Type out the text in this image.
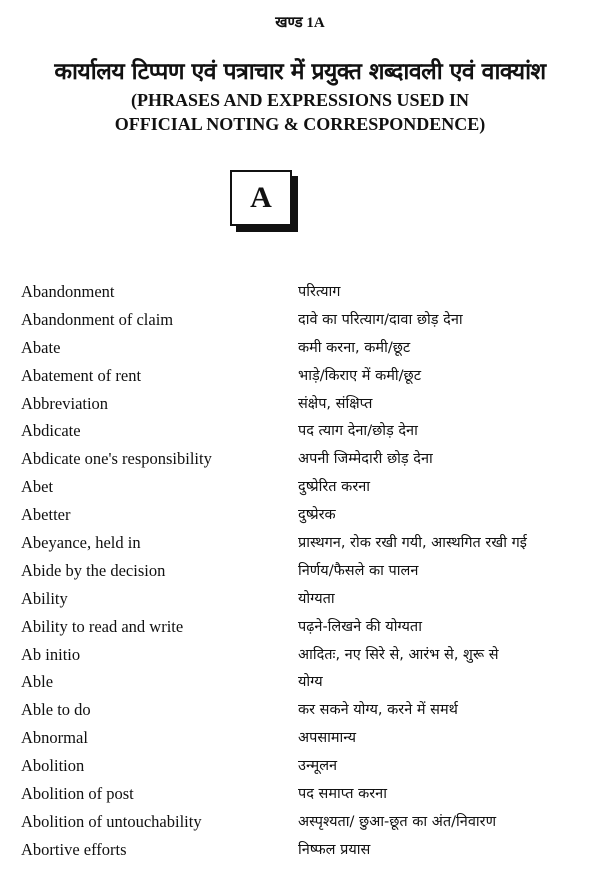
खण्ड 1A
कार्यालय टिप्पण एवं पत्राचार में प्रयुक्त शब्दावली एवं वाक्यांश
(PHRASES AND EXPRESSIONS USED IN
OFFICIAL NOTING & CORRESPONDENCE)
A
Abandonment	परित्याग
Abandonment of claim	दावे का परित्याग/दावा छोड़ देना
Abate	कमी करना, कमी/छूट
Abatement of rent	भाड़े/किराए में कमी/छूट
Abbreviation	संक्षेप, संक्षिप्त
Abdicate	पद त्याग देना/छोड़ देना
Abdicate one's responsibility	अपनी जिम्मेदारी छोड़ देना
Abet	दुष्प्रेरित करना
Abetter	दुष्प्रेरक
Abeyance, held in	प्रास्थगन, रोक रखी गयी, आस्थगित रखी गई
Abide by the decision	निर्णय/फैसले का पालन
Ability	योग्यता
Ability to read and write	पढ़ने-लिखने की योग्यता
Ab initio	आदितः, नए सिरे से, आरंभ से, शुरू से
Able	योग्य
Able to do	कर सकने योग्य, करने में समर्थ
Abnormal	अपसामान्य
Abolition	उन्मूलन
Abolition of post	पद समाप्त करना
Abolition of untouchability	अस्पृश्यता/ छुआ-छूत का अंत/निवारण
Abortive efforts	निष्फल प्रयास
